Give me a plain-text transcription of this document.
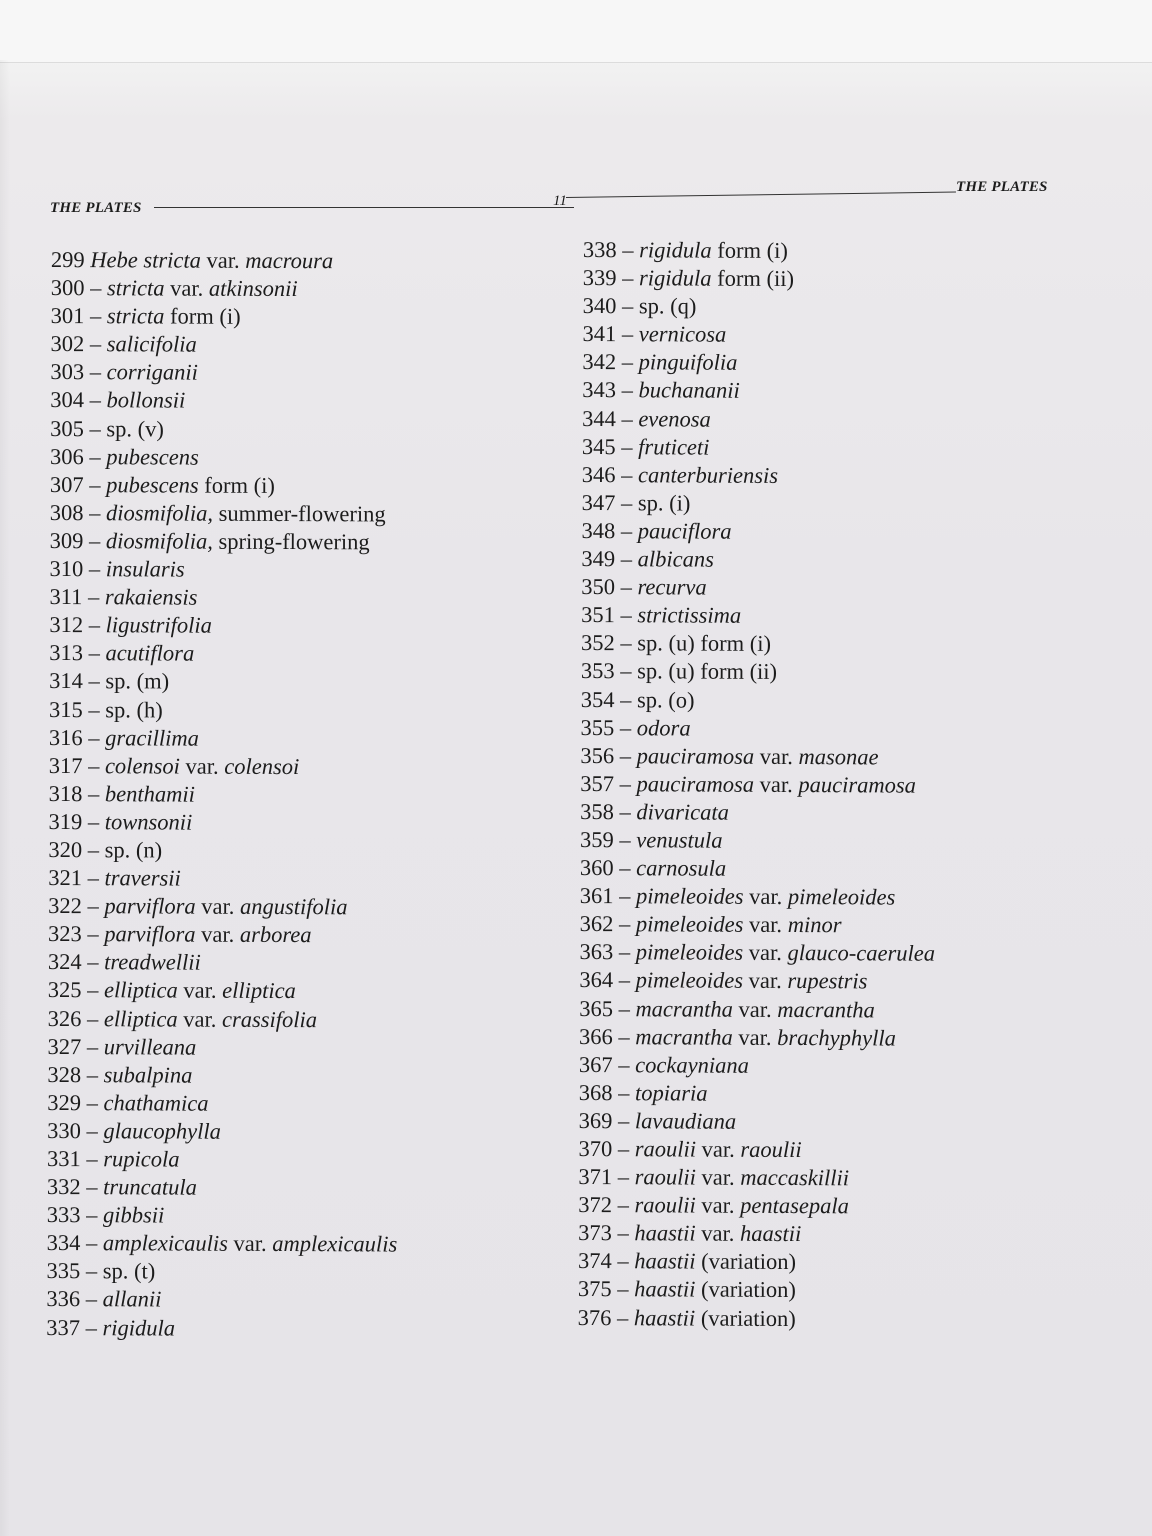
THE PLATES	11
THE PLATES
299 Hebe stricta var. macroura
300 – stricta var. atkinsonii
301 – stricta form (i)
302 – salicifolia
303 – corriganii
304 – bollonsii
305 – sp. (v)
306 – pubescens
307 – pubescens form (i)
308 – diosmifolia, summer-flowering
309 – diosmifolia, spring-flowering
310 – insularis
311 – rakaiensis
312 – ligustrifolia
313 – acutiflora
314 – sp. (m)
315 – sp. (h)
316 – gracillima
317 – colensoi var. colensoi
318 – benthamii
319 – townsonii
320 – sp. (n)
321 – traversii
322 – parviflora var. angustifolia
323 – parviflora var. arborea
324 – treadwellii
325 – elliptica var. elliptica
326 – elliptica var. crassifolia
327 – urvilleana
328 – subalpina
329 – chathamica
330 – glaucophylla
331 – rupicola
332 – truncatula
333 – gibbsii
334 – amplexicaulis var. amplexicaulis
335 – sp. (t)
336 – allanii
337 – rigidula
338 – rigidula form (i)
339 – rigidula form (ii)
340 – sp. (q)
341 – vernicosa
342 – pinguifolia
343 – buchananii
344 – evenosa
345 – fruticeti
346 – canterburiensis
347 – sp. (i)
348 – pauciflora
349 – albicans
350 – recurva
351 – strictissima
352 – sp. (u) form (i)
353 – sp. (u) form (ii)
354 – sp. (o)
355 – odora
356 – pauciramosa var. masonae
357 – pauciramosa var. pauciramosa
358 – divaricata
359 – venustula
360 – carnosula
361 – pimeleoides var. pimeleoides
362 – pimeleoides var. minor
363 – pimeleoides var. glauco-caerulea
364 – pimeleoides var. rupestris
365 – macrantha var. macrantha
366 – macrantha var. brachyphylla
367 – cockayniana
368 – topiaria
369 – lavaudiana
370 – raoulii var. raoulii
371 – raoulii var. maccaskillii
372 – raoulii var. pentasepala
373 – haastii var. haastii
374 – haastii (variation)
375 – haastii (variation)
376 – haastii (variation)
